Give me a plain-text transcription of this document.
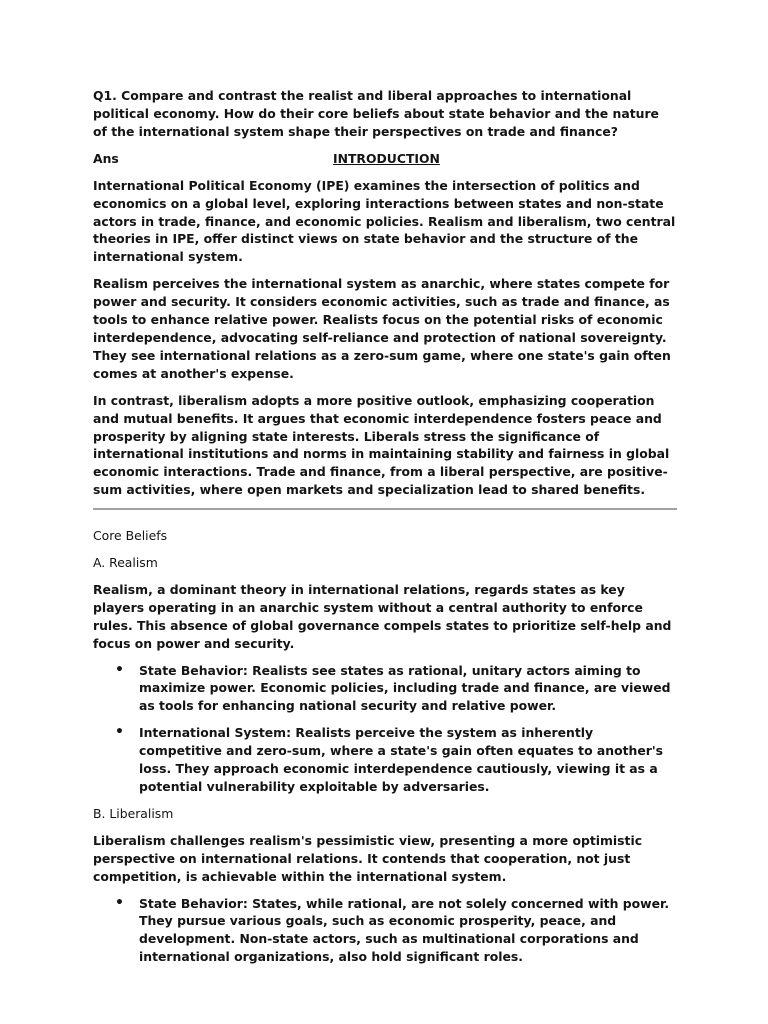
Q1. Compare and contrast the realist and liberal approaches to international political economy. How do their core beliefs about state behavior and the nature of the international system shape their perspectives on trade and finance?

Ans	INTRODUCTION

International Political Economy (IPE) examines the intersection of politics and economics on a global level, exploring interactions between states and non-state actors in trade, finance, and economic policies. Realism and liberalism, two central theories in IPE, offer distinct views on state behavior and the structure of the international system.

Realism perceives the international system as anarchic, where states compete for power and security. It considers economic activities, such as trade and finance, as tools to enhance relative power. Realists focus on the potential risks of economic interdependence, advocating self-reliance and protection of national sovereignty. They see international relations as a zero-sum game, where one state's gain often comes at another's expense.

In contrast, liberalism adopts a more positive outlook, emphasizing cooperation and mutual benefits. It argues that economic interdependence fosters peace and prosperity by aligning state interests. Liberals stress the significance of international institutions and norms in maintaining stability and fairness in global economic interactions. Trade and finance, from a liberal perspective, are positive-sum activities, where open markets and specialization lead to shared benefits.

Core Beliefs

A. Realism

Realism, a dominant theory in international relations, regards states as key players operating in an anarchic system without a central authority to enforce rules. This absence of global governance compels states to prioritize self-help and focus on power and security.

• State Behavior: Realists see states as rational, unitary actors aiming to maximize power. Economic policies, including trade and finance, are viewed as tools for enhancing national security and relative power.
• International System: Realists perceive the system as inherently competitive and zero-sum, where a state's gain often equates to another's loss. They approach economic interdependence cautiously, viewing it as a potential vulnerability exploitable by adversaries.

B. Liberalism

Liberalism challenges realism's pessimistic view, presenting a more optimistic perspective on international relations. It contends that cooperation, not just competition, is achievable within the international system.

• State Behavior: States, while rational, are not solely concerned with power. They pursue various goals, such as economic prosperity, peace, and development. Non-state actors, such as multinational corporations and international organizations, also hold significant roles.
